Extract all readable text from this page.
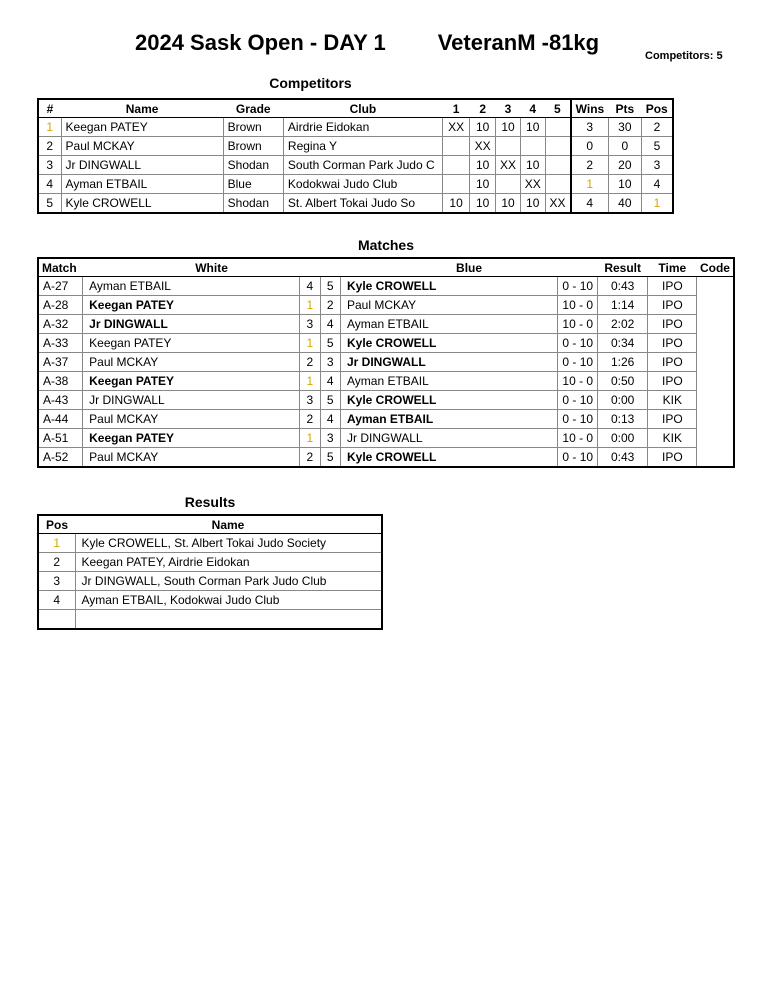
2024 Sask Open - DAY 1 VeteranM -81kg
Competitors: 5
Competitors
#	Name	Grade	Club	1	2	3	4	5	Wins	Pts	Pos
1	Keegan PATEY	Brown	Airdrie Eidokan	XX	10	10	10		3	30	2
2	Paul MCKAY	Brown	Regina Y		XX				0	0	5
3	Jr DINGWALL	Shodan	South Corman Park Judo C		10	XX	10		2	20	3
4	Ayman ETBAIL	Blue	Kodokwai Judo Club		10		XX		1	10	4
5	Kyle CROWELL	Shodan	St. Albert Tokai Judo So	10	10	10	10	XX	4	40	1
Matches
Match	White			Blue		Result	Time	Code
A-27	Ayman ETBAIL	4	5	Kyle CROWELL	0 - 10	0:43	IPO	
A-28	Keegan PATEY	1	2	Paul MCKAY	10 - 0	1:14	IPO	
A-32	Jr DINGWALL	3	4	Ayman ETBAIL	10 - 0	2:02	IPO	
A-33	Keegan PATEY	1	5	Kyle CROWELL	0 - 10	0:34	IPO	
A-37	Paul MCKAY	2	3	Jr DINGWALL	0 - 10	1:26	IPO	
A-38	Keegan PATEY	1	4	Ayman ETBAIL	10 - 0	0:50	IPO	
A-43	Jr DINGWALL	3	5	Kyle CROWELL	0 - 10	0:00	KIK	
A-44	Paul MCKAY	2	4	Ayman ETBAIL	0 - 10	0:13	IPO	
A-51	Keegan PATEY	1	3	Jr DINGWALL	10 - 0	0:00	KIK	
A-52	Paul MCKAY	2	5	Kyle CROWELL	0 - 10	0:43	IPO	
Results
Pos	Name
1	Kyle CROWELL, St. Albert Tokai Judo Society
2	Keegan PATEY, Airdrie Eidokan
3	Jr DINGWALL, South Corman Park Judo Club
4	Ayman ETBAIL, Kodokwai Judo Club
